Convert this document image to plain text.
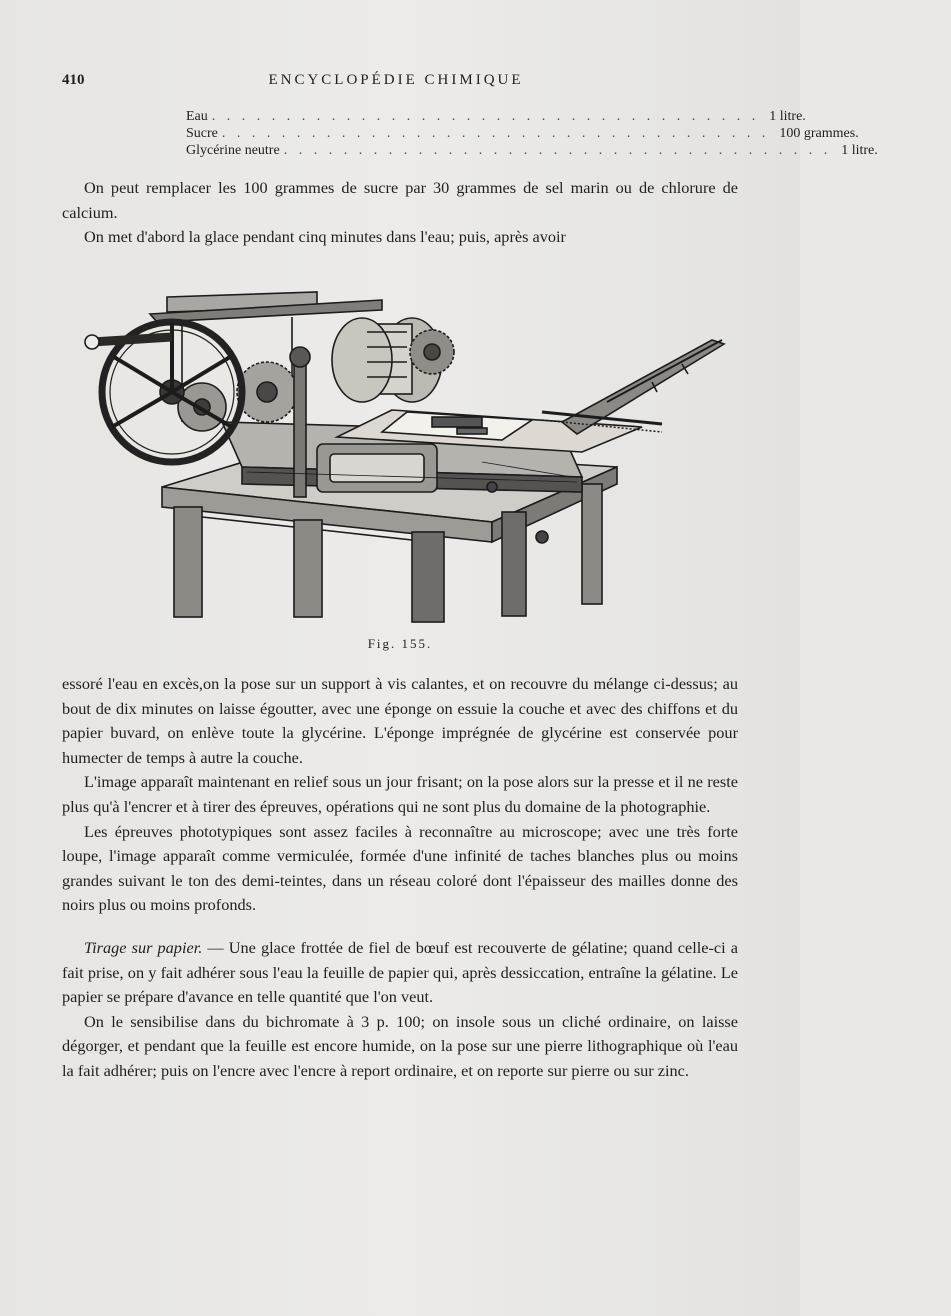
410	ENCYCLOPÉDIE CHIMIQUE
Eau . . . . . . . . . . . . . . . . . . . . . . . . . . . . . . . . . . . . . 1 litre.
Sucre . . . . . . . . . . . . . . . . . . . . . . . . . . . . . . . . . . . . . 100 grammes.
Glycérine neutre . . . . . . . . . . . . . . . . . . . . . . . . . . . . . . . . . . . . . 1 litre.

On peut remplacer les 100 grammes de sucre par 30 grammes de sel marin ou de chlorure de calcium.

On met d'abord la glace pendant cinq minutes dans l'eau; puis, après avoir

Fig. 155.

essoré l'eau en excès,on la pose sur un support à vis calantes, et on recouvre du mélange ci-dessus; au bout de dix minutes on laisse égoutter, avec une éponge on essuie la couche et avec des chiffons et du papier buvard, on enlève toute la glycérine. L'éponge imprégnée de glycérine est conservée pour humecter de temps à autre la couche.

L'image apparaît maintenant en relief sous un jour frisant; on la pose alors sur la presse et il ne reste plus qu'à l'encrer et à tirer des épreuves, opérations qui ne sont plus du domaine de la photographie.

Les épreuves phototypiques sont assez faciles à reconnaître au microscope; avec une très forte loupe, l'image apparaît comme vermiculée, formée d'une infinité de taches blanches plus ou moins grandes suivant le ton des demi-teintes, dans un réseau coloré dont l'épaisseur des mailles donne des noirs plus ou moins profonds.

Tirage sur papier. — Une glace frottée de fiel de bœuf est recouverte de gélatine; quand celle-ci a fait prise, on y fait adhérer sous l'eau la feuille de papier qui, après dessiccation, entraîne la gélatine. Le papier se prépare d'avance en telle quantité que l'on veut.

On le sensibilise dans du bichromate à 3 p. 100; on insole sous un cliché ordinaire, on laisse dégorger, et pendant que la feuille est encore humide, on la pose sur une pierre lithographique où l'eau la fait adhérer; puis on l'encre avec l'encre à report ordinaire, et on reporte sur pierre ou sur zinc.
